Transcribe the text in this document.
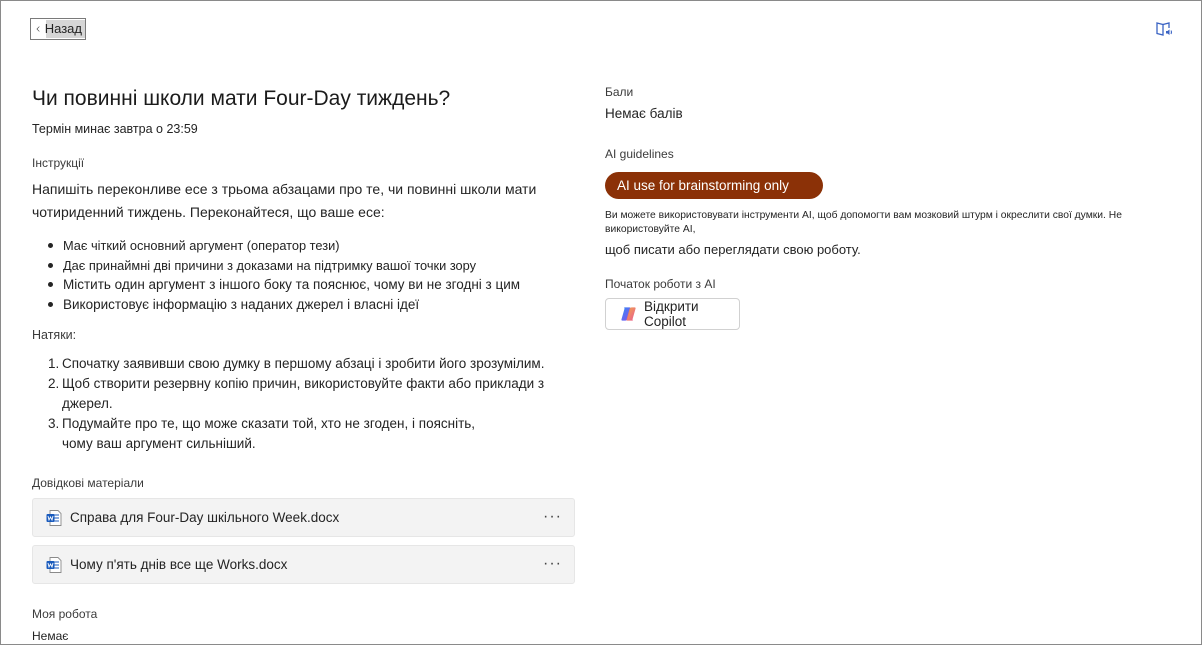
Назад
Чи повинні школи мати Four-Day тиждень?
Термін минає завтра о 23:59
Інструкції
Напишіть переконливе есе з трьома абзацами про те, чи повинні школи мати чотириденний тиждень. Переконайтеся, що ваше есе:
Має чіткий основний аргумент (оператор тези)
Дає принаймні дві причини з доказами на підтримку вашої точки зору
Містить один аргумент з іншого боку та пояснює, чому ви не згодні з цим
Використовує інформацію з наданих джерел і власні ідеї
Натяки:
1. Спочатку заявивши свою думку в першому абзаці і зробити його зрозумілим.
2. Щоб створити резервну копію причин, використовуйте факти або приклади з джерел.
3. Подумайте про те, що може сказати той, хто не згоден, і поясніть, чому ваш аргумент сильніший.
Довідкові матеріали
Справа для Four-Day шкільного Week.docx	···
Чому п'ять днів все ще Works.docx	···
Моя робота
Немає
Бали
Немає балів
AI guidelines
AI use for brainstorming only
Ви можете використовувати інструменти AI, щоб допомогти вам мозковий штурм і окреслити свої думки. Не використовуйте AI,
щоб писати або переглядати свою роботу.
Початок роботи з AI
Відкрити Copilot
